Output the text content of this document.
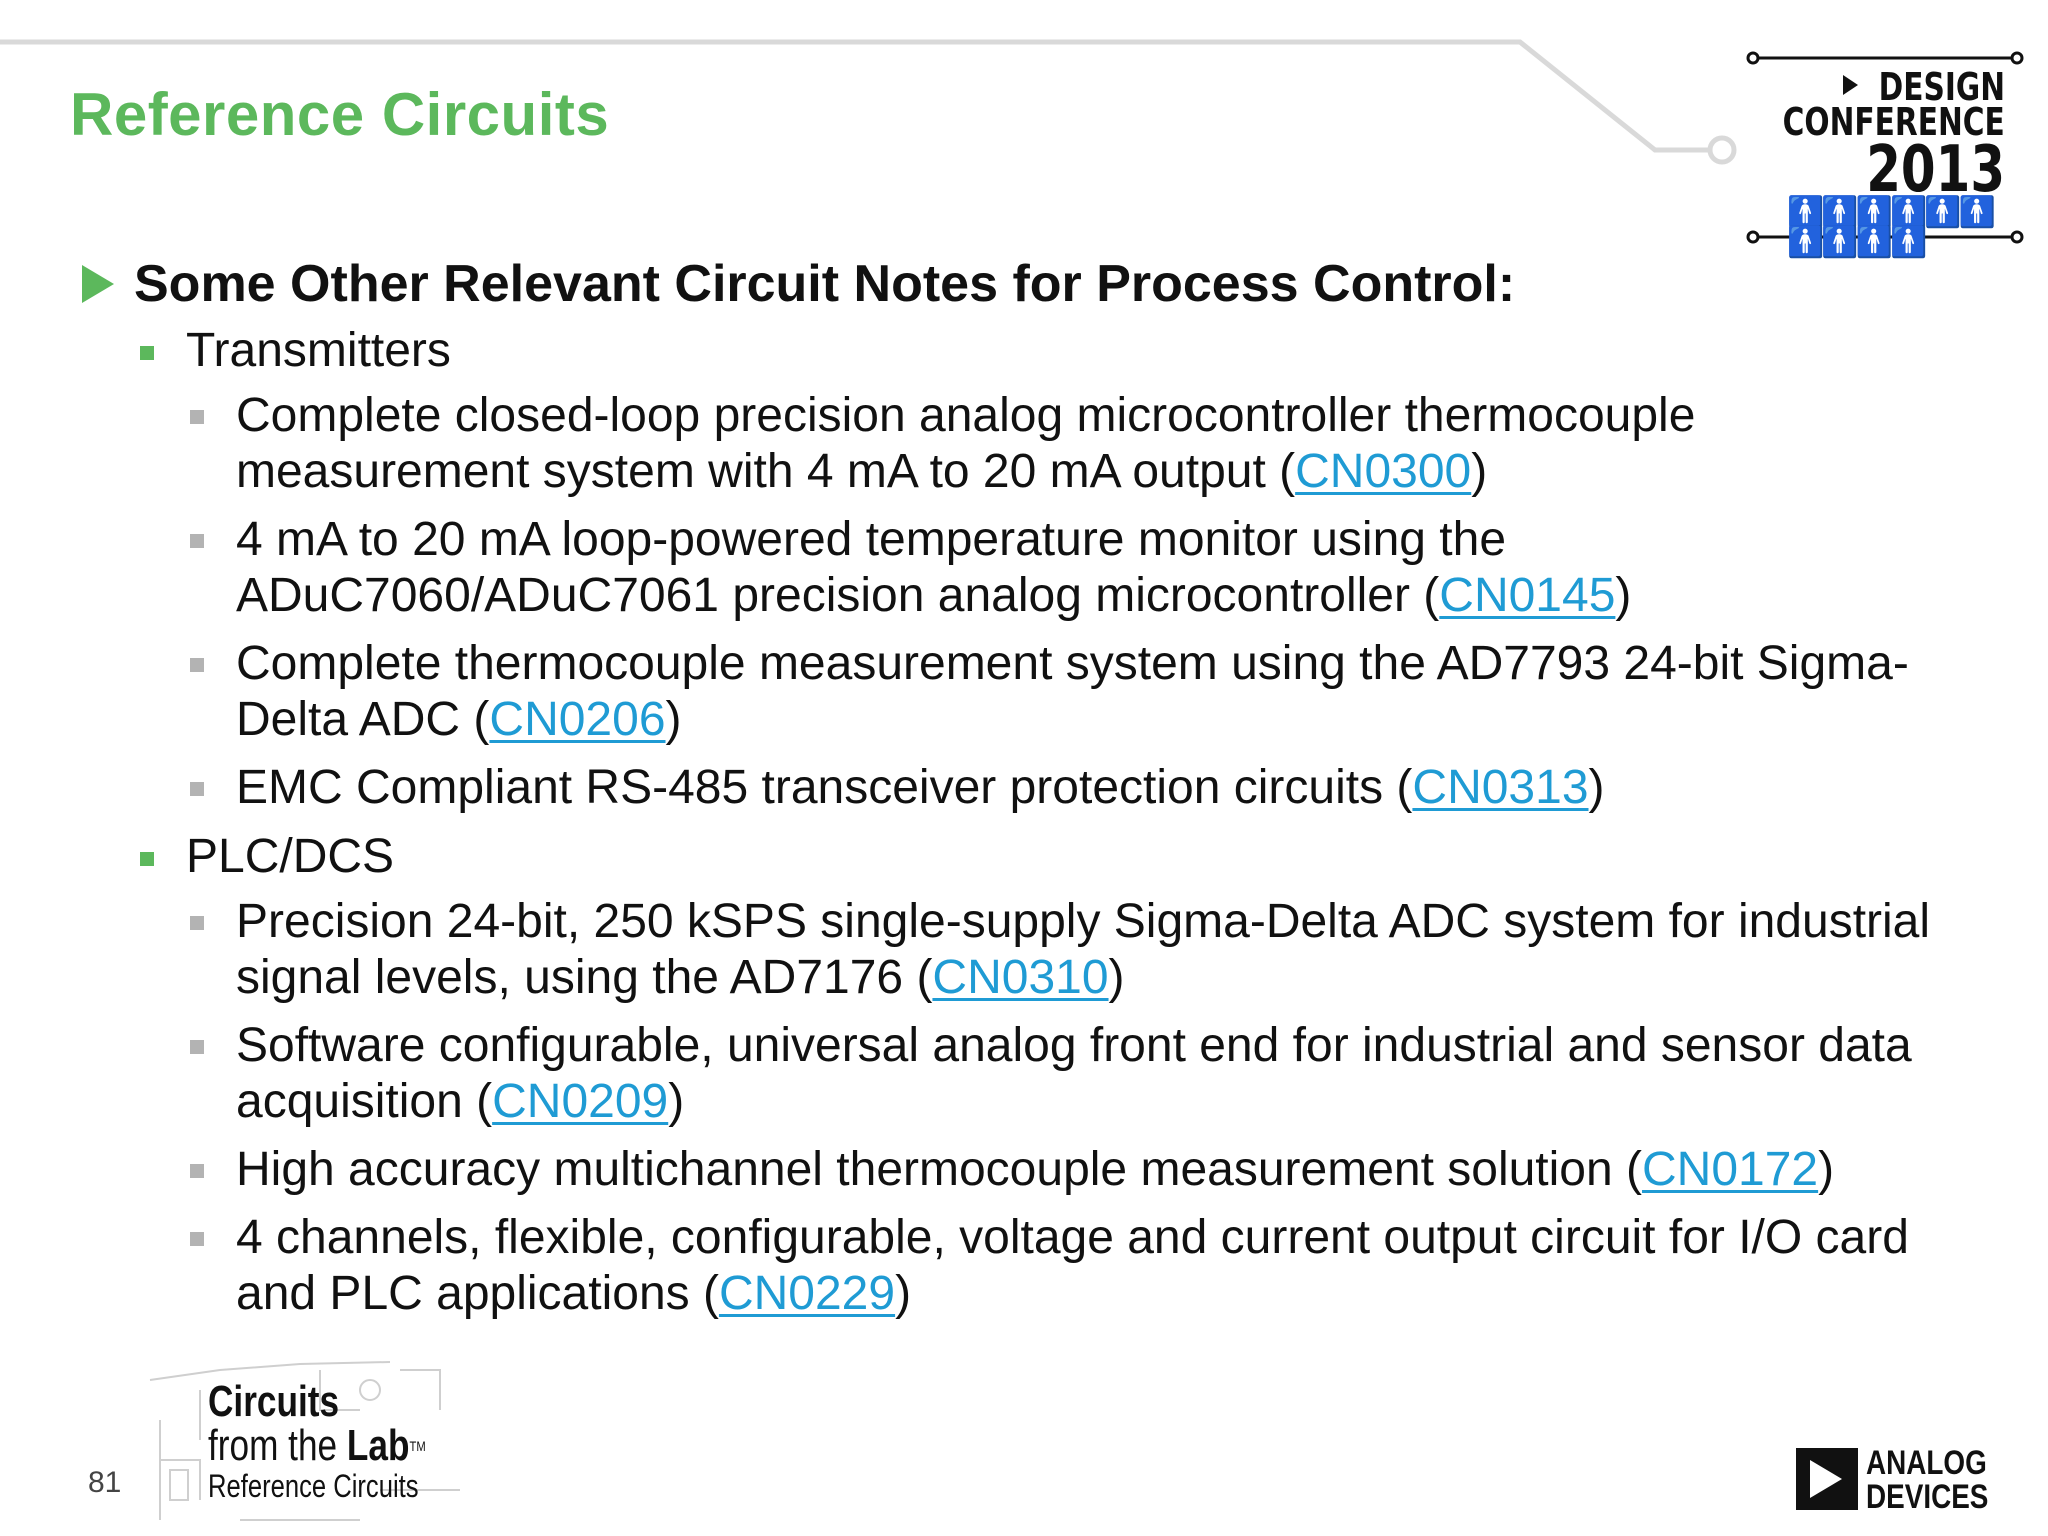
Reference Circuits	DESIGN
CONFERENCE
2013
🚹🚹🚹🚹🚹🚹🚹🚹🚹🚹
Some Other Relevant Circuit Notes for Process Control:
Transmitters
Complete closed-loop precision analog microcontroller thermocouple measurement system with 4 mA to 20 mA output (CN0300)
4 mA to 20 mA loop-powered temperature monitor using the ADuC7060/ADuC7061 precision analog microcontroller (CN0145)
Complete thermocouple measurement system using the AD7793 24-bit Sigma-Delta ADC (CN0206)
EMC Compliant RS-485 transceiver protection circuits (CN0313)
PLC/DCS
Precision 24-bit, 250 kSPS single-supply Sigma-Delta ADC system for industrial signal levels, using the AD7176 (CN0310)
Software configurable, universal analog front end for industrial and sensor data acquisition (CN0209)
High accuracy multichannel thermocouple measurement solution (CN0172)
4 channels, flexible, configurable, voltage and current output circuit for I/O card and PLC applications (CN0229)
81
Circuits
from the Lab™
Reference Circuits
ANALOG
DEVICES
